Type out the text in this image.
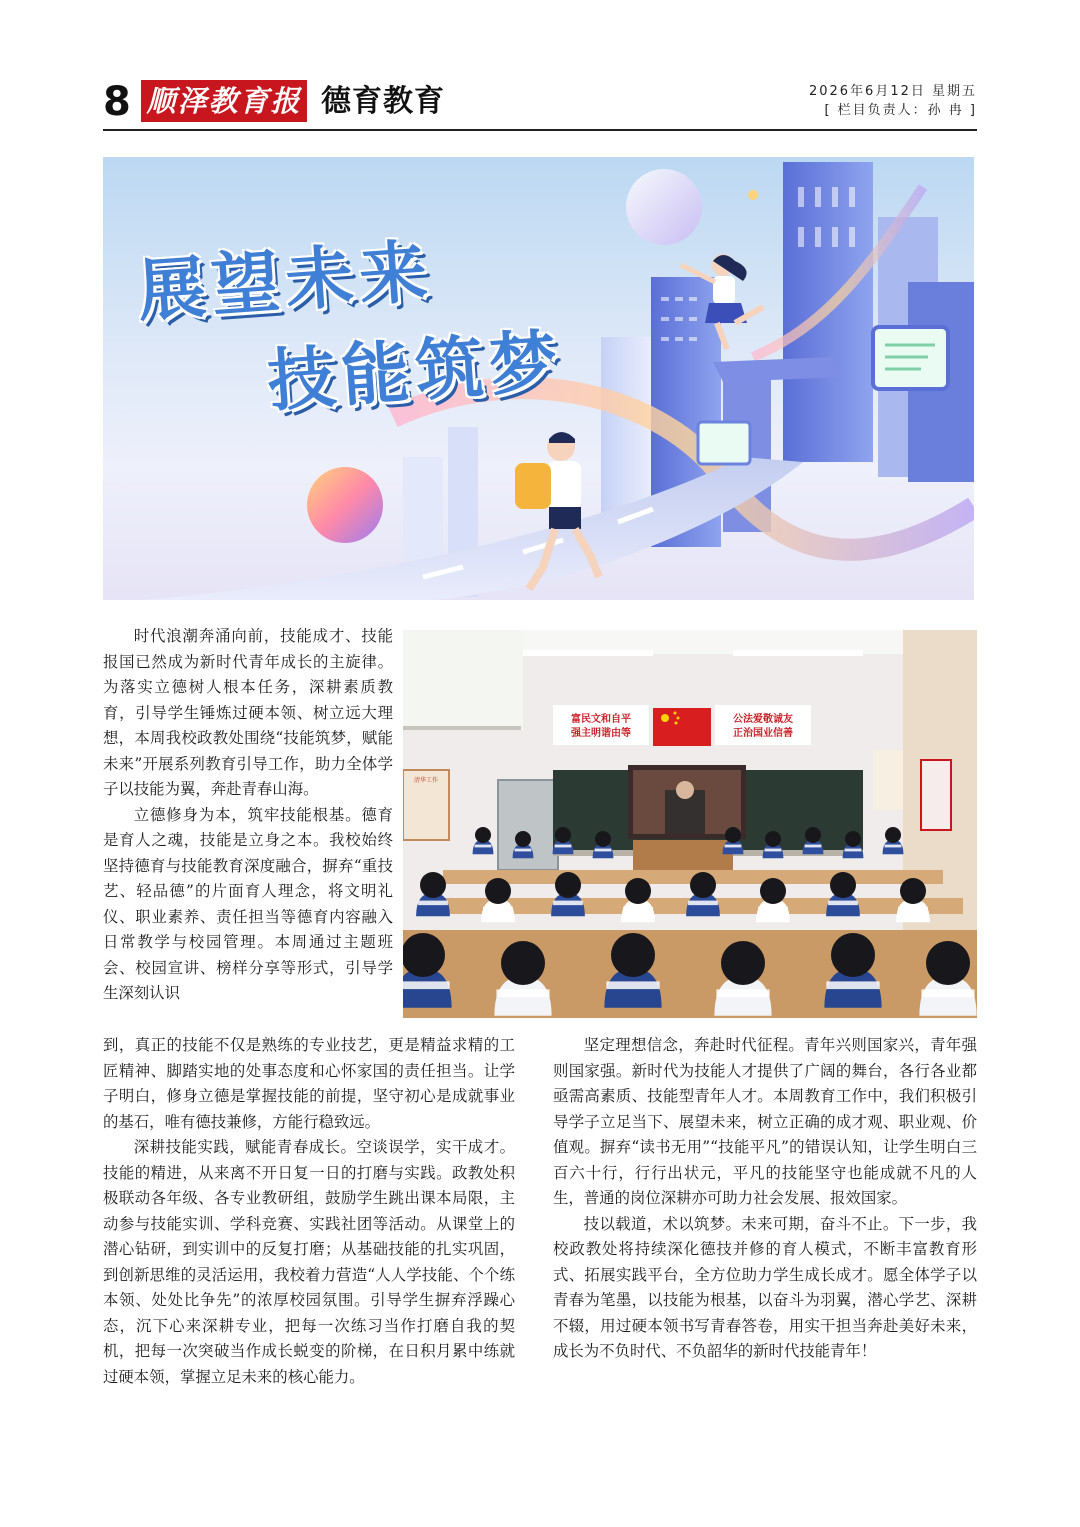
8 顺泽教育报 德育教育	2026年6月12日 星期五
[ 栏目负责人：孙 冉 ]
展望未来
技能筑梦
富民文和自平强主明谐由等
公法爱敬诚友正治国业信善
清华工作

时代浪潮奔涌向前，技能成才、技能报国已然成为新时代青年成长的主旋律。为落实立德树人根本任务，深耕素质教育，引导学生锤炼过硬本领、树立远大理想，本周我校政教处围绕“技能筑梦，赋能未来”开展系列教育引导工作，助力全体学子以技能为翼，奔赴青春山海。

立德修身为本，筑牢技能根基。德育是育人之魂，技能是立身之本。我校始终坚持德育与技能教育深度融合，摒弃“重技艺、轻品德”的片面育人理念，将文明礼仪、职业素养、责任担当等德育内容融入日常教学与校园管理。本周通过主题班会、校园宣讲、榜样分享等形式，引导学生深刻认识

到，真正的技能不仅是熟练的专业技艺，更是精益求精的工匠精神、脚踏实地的处事态度和心怀家国的责任担当。让学子明白，修身立德是掌握技能的前提，坚守初心是成就事业的基石，唯有德技兼修，方能行稳致远。

深耕技能实践，赋能青春成长。空谈误学，实干成才。技能的精进，从来离不开日复一日的打磨与实践。政教处积极联动各年级、各专业教研组，鼓励学生跳出课本局限，主动参与技能实训、学科竞赛、实践社团等活动。从课堂上的潜心钻研，到实训中的反复打磨；从基础技能的扎实巩固，到创新思维的灵活运用，我校着力营造“人人学技能、个个练本领、处处比争先”的浓厚校园氛围。引导学生摒弃浮躁心态，沉下心来深耕专业，把每一次练习当作打磨自我的契机，把每一次突破当作成长蜕变的阶梯，在日积月累中练就过硬本领，掌握立足未来的核心能力。

坚定理想信念，奔赴时代征程。青年兴则国家兴，青年强则国家强。新时代为技能人才提供了广阔的舞台，各行各业都亟需高素质、技能型青年人才。本周教育工作中，我们积极引导学子立足当下、展望未来，树立正确的成才观、职业观、价值观。摒弃“读书无用”“技能平凡”的错误认知，让学生明白三百六十行，行行出状元，平凡的技能坚守也能成就不凡的人生，普通的岗位深耕亦可助力社会发展、报效国家。

技以载道，术以筑梦。未来可期，奋斗不止。下一步，我校政教处将持续深化德技并修的育人模式，不断丰富教育形式、拓展实践平台，全方位助力学生成长成才。愿全体学子以青春为笔墨，以技能为根基，以奋斗为羽翼，潜心学艺、深耕不辍，用过硬本领书写青春答卷，用实干担当奔赴美好未来，成长为不负时代、不负韶华的新时代技能青年！
